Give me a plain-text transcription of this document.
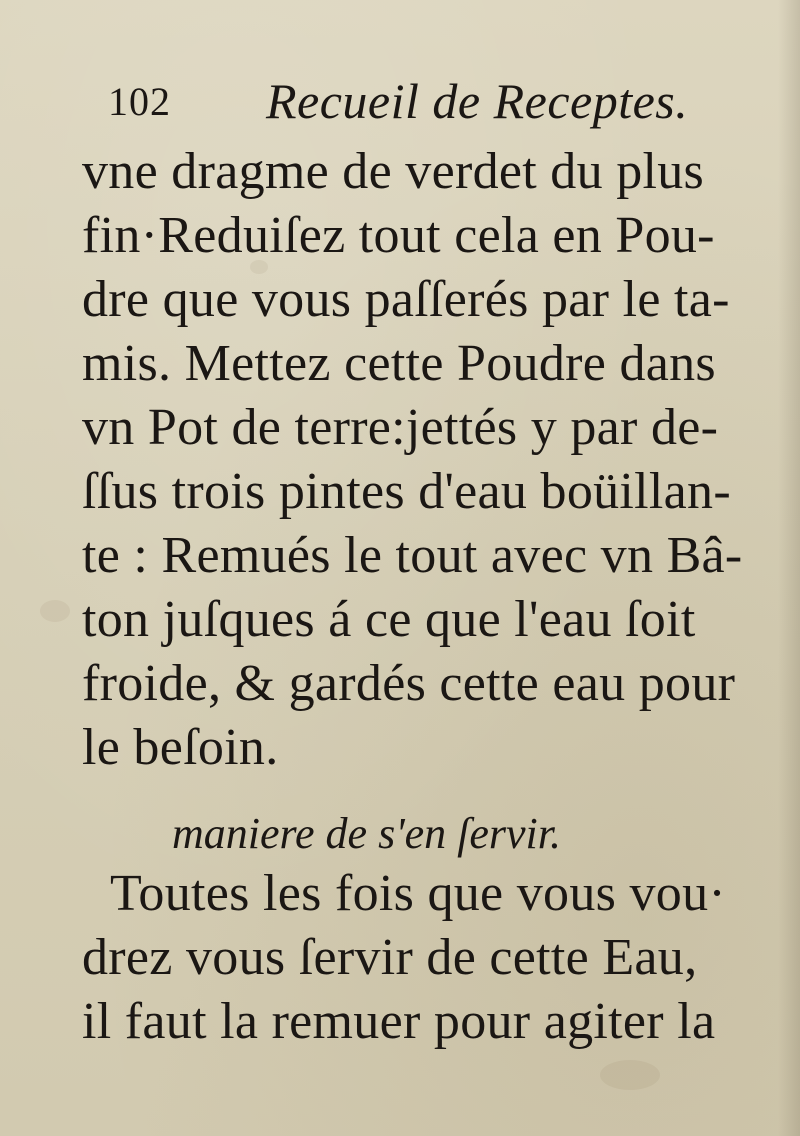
102 Recueil de Receptes.
vne dragme de verdet du plus
fin·Reduiſez tout cela en Pou-
dre que vous paſſerés par le ta-
mis. Mettez cette Poudre dans
vn Pot de terre:jettés y par de-
ſſus trois pintes d'eau boüillan-
te : Remués le tout avec vn Bâ-
ton juſques á ce que l'eau ſoit
froide, & gardés cette eau pour
le beſoin.
maniere de s'en ſervir.
Toutes les fois que vous vou·
drez vous ſervir de cette Eau,
il faut la remuer pour agiter la
